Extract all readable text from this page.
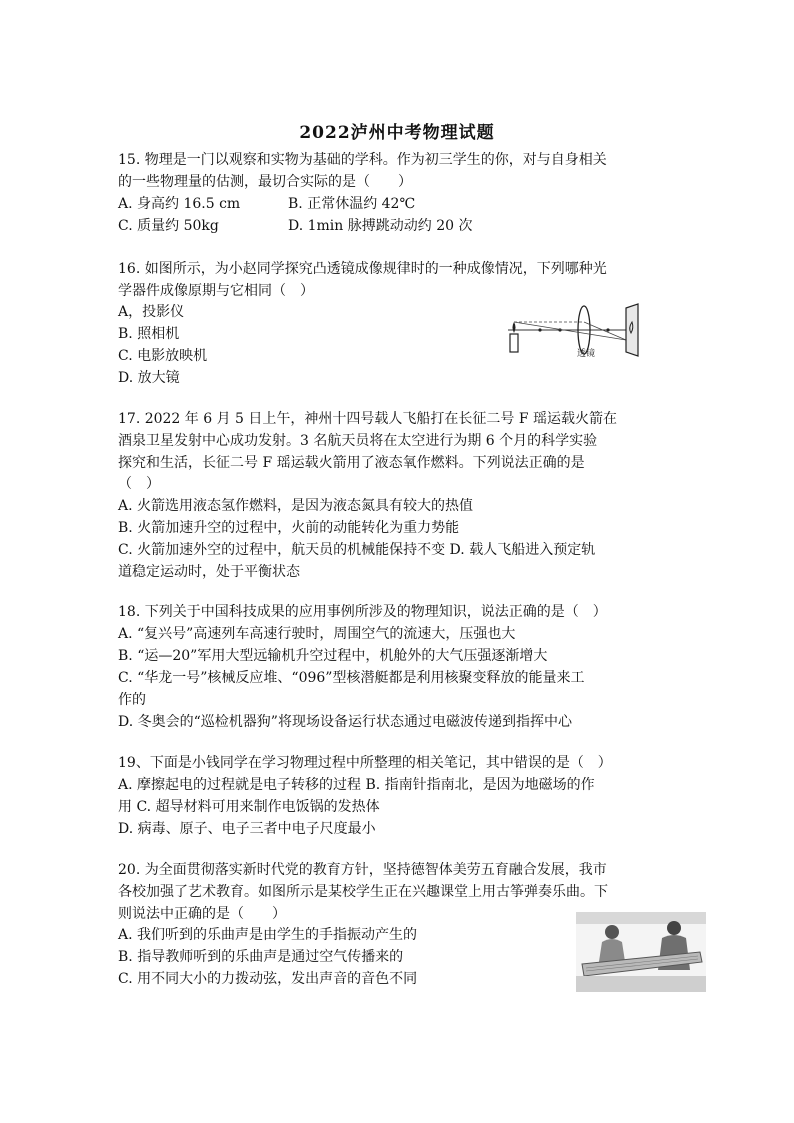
2022泸州中考物理试题
15. 物理是一门以观察和实物为基础的学科。作为初三学生的你，对与自身相关
的一些物理量的估测，最切合实际的是（　　）
A. 身高约 16.5 cm	B. 正常休温约 42℃
C. 质量约 50kg	D. 1min 脉搏跳动动约 20 次
16. 如图所示，为小赵同学探究凸透镜成像规律时的一种成像情况，下列哪种光
学器件成像原期与它相同（　）
A，投影仪
B. 照相机
C. 电影放映机
D. 放大镜
透镜
17. 2022 年 6 月 5 日上午，神州十四号载人飞船打在长征二号 F 瑶运载火箭在
酒泉卫星发射中心成功发射。3 名航天员将在太空进行为期 6 个月的科学实验
探究和生活，长征二号 F 瑶运载火箭用了液态氧作燃料。下列说法正确的是
（　）
A. 火箭选用液态氢作燃料，是因为液态氮具有较大的热值
B. 火箭加速升空的过程中，火前的动能转化为重力势能
C. 火箭加速外空的过程中，航天员的机械能保持不变 D. 载人飞船进入预定轨
道稳定运动时，处于平衡状态
18. 下列关于中国科技成果的应用事例所涉及的物理知识，说法正确的是（　）
A. “复兴号”高速列车高速行驶时，周围空气的流速大，压强也大
B. “运—20”军用大型远输机升空过程中，机舱外的大气压强逐渐增大
C. “华龙一号”核械反应堆、“096”型核潜艇都是利用核聚变释放的能量来工
作的
D. 冬奥会的“巡检机器狗”将现场设备运行状态通过电磁波传递到指挥中心
19、下面是小钱同学在学习物理过程中所整理的相关笔记，其中错误的是（　）
A. 摩擦起电的过程就是电子转移的过程 B. 指南针指南北，是因为地磁场的作
用 C. 超导材料可用来制作电饭锅的发热体
D. 病毒、原子、电子三者中电子尺度最小
20. 为全面贯彻落实新时代党的教育方针，坚持德智体美劳五育融合发展，我市
各校加强了艺术教育。如图所示是某校学生正在兴趣课堂上用古筝弹奏乐曲。下
则说法中正确的是（　　）
A. 我们听到的乐曲声是由学生的手指振动产生的
B. 指导教师听到的乐曲声是通过空气传播来的
C. 用不同大小的力拨动弦，发出声音的音色不同
